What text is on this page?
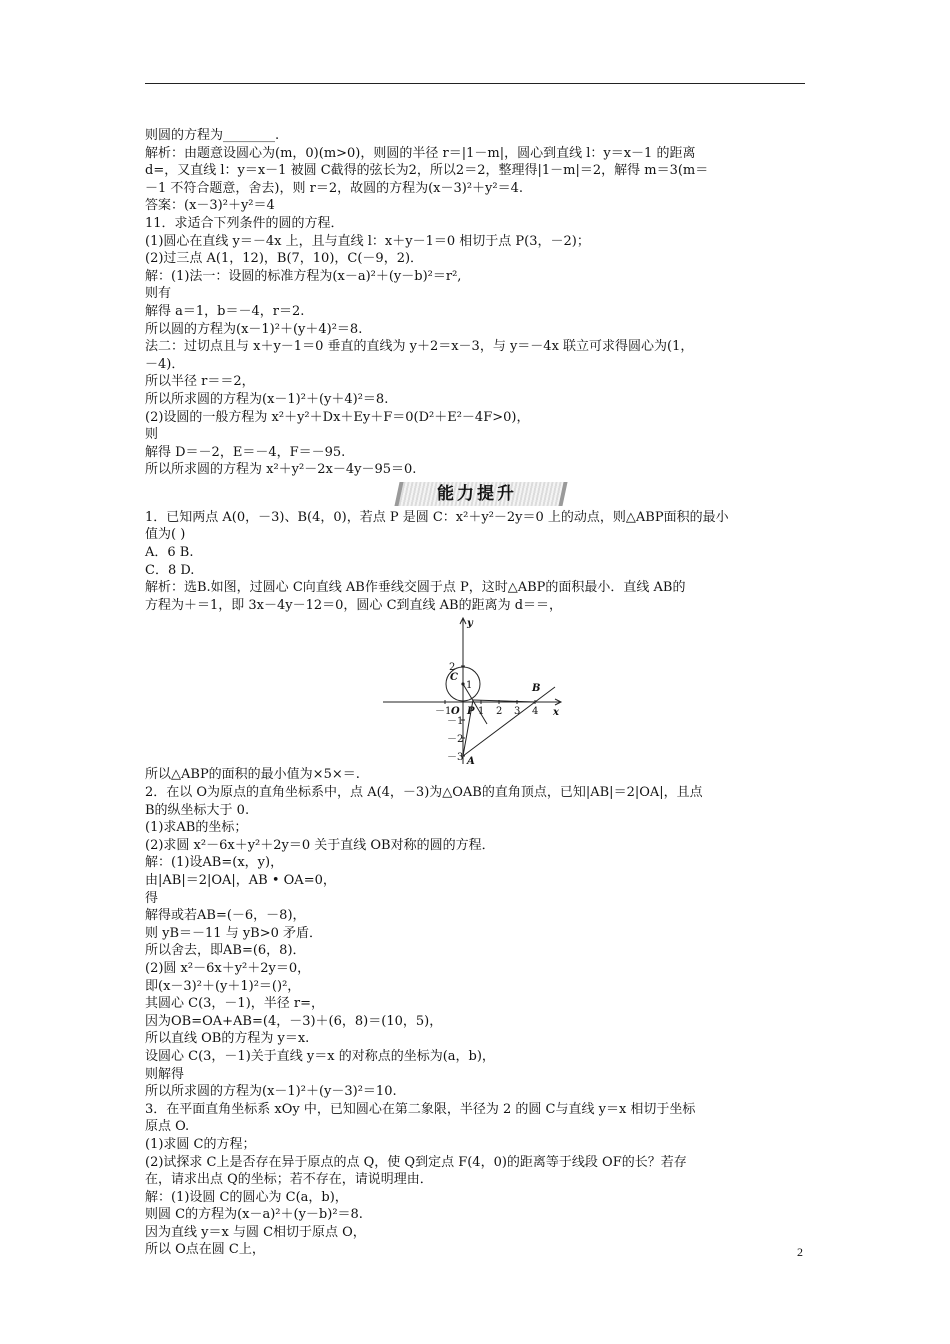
则圆的方程为________.
解析：由题意设圆心为(m，0)(m>0)，则圆的半径 r＝|1－m|，圆心到直线 l：y＝x－1 的距离
d=，又直线 l：y＝x－1 被圆 C截得的弦长为2，所以2＝2，整理得|1－m|＝2，解得 m＝3(m＝
－1 不符合题意，舍去)，则 r＝2，故圆的方程为(x－3)²＋y²＝4.
答案：(x－3)²＋y²＝4
11．求适合下列条件的圆的方程．
(1)圆心在直线 y＝－4x 上，且与直线 l：x＋y－1＝0 相切于点 P(3，－2)；
(2)过三点 A(1，12)，B(7，10)，C(－9，2)．
解：(1)法一：设圆的标准方程为(x－a)²＋(y－b)²＝r²,
则有
解得 a＝1，b＝－4，r＝2.
所以圆的方程为(x－1)²＋(y＋4)²＝8.
法二：过切点且与 x＋y－1＝0 垂直的直线为 y＋2＝x－3，与 y＝－4x 联立可求得圆心为(1，
－4)．
所以半径 r＝＝2，
所以所求圆的方程为(x－1)²＋(y＋4)²＝8.
(2)设圆的一般方程为 x²＋y²＋Dx＋Ey＋F＝0(D²＋E²－4F>0)，
则
解得 D＝－2，E＝－4，F＝－95.
所以所求圆的方程为 x²＋y²－2x－4y－95＝0.
能力提升
1．已知两点 A(0，－3)、B(4，0)，若点 P 是圆 C：x²＋y²－2y＝0 上的动点，则△ABP面积的最小
值为( )
A．6 B.
C．8 D.
解析：选B.如图，过圆心 C向直线 AB作垂线交圆于点 P，这时△ABP的面积最小．直线 AB的
方程为＋＝1，即 3x－4y－12＝0，圆心 C到直线 AB的距离为 d＝＝，
y
x
O
C
P
A
B
－1	1 2 3 4
2
1
－1
－2
－3
所以△ABP的面积的最小值为×5×＝.
2．在以 O为原点的直角坐标系中，点 A(4，－3)为△OAB的直角顶点，已知|AB|＝2|OA|，且点
B的纵坐标大于 0.
(1)求AB的坐标；
(2)求圆 x²－6x＋y²＋2y＝0 关于直线 OB对称的圆的方程．
解：(1)设AB=(x，y)，
由|AB|＝2|OA|，AB • OA=0，
得
解得或若AB=(－6，－8)，
则 yB＝－11 与 yB>0 矛盾．
所以舍去，即AB=(6，8)．
(2)圆 x²－6x＋y²＋2y＝0，
即(x－3)²＋(y＋1)²＝()²，
其圆心 C(3，－1)，半径 r=，
因为OB=OA+AB=(4，－3)＋(6，8)＝(10，5)，
所以直线 OB的方程为 y＝x.
设圆心 C(3，－1)关于直线 y＝x 的对称点的坐标为(a，b)，
则解得
所以所求圆的方程为(x－1)²＋(y－3)²＝10.
3．在平面直角坐标系 xOy 中，已知圆心在第二象限，半径为 2 的圆 C与直线 y＝x 相切于坐标
原点 O.
(1)求圆 C的方程；
(2)试探求 C上是否存在异于原点的点 Q，使 Q到定点 F(4，0)的距离等于线段 OF的长？若存
在，请求出点 Q的坐标；若不存在，请说明理由．
解：(1)设圆 C的圆心为 C(a，b)，
则圆 C的方程为(x－a)²＋(y－b)²＝8.
因为直线 y＝x 与圆 C相切于原点 O，
所以 O点在圆 C上，	2
